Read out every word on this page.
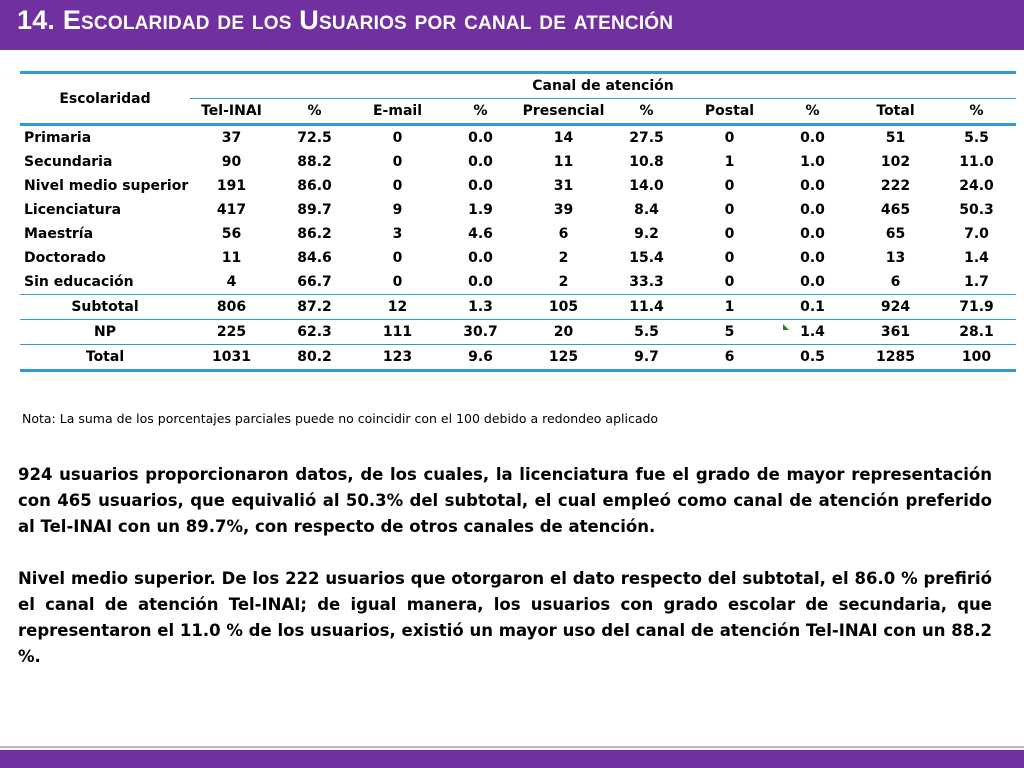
14. Escolaridad de los Usuarios por canal de atención
Escolaridad	Canal de atención									
	Tel-INAI	%	E-mail	%	Presencial	%	Postal	%	Total	%
Primaria	37	72.5	0	0.0	14	27.5	0	0.0	51	5.5
Secundaria	90	88.2	0	0.0	11	10.8	1	1.0	102	11.0
Nivel medio superior	191	86.0	0	0.0	31	14.0	0	0.0	222	24.0
Licenciatura	417	89.7	9	1.9	39	8.4	0	0.0	465	50.3
Maestría	56	86.2	3	4.6	6	9.2	0	0.0	65	7.0
Doctorado	11	84.6	0	0.0	2	15.4	0	0.0	13	1.4
Sin educación	4	66.7	0	0.0	2	33.3	0	0.0	6	1.7
Subtotal	806	87.2	12	1.3	105	11.4	1	0.1	924	71.9
NP	225	62.3	111	30.7	20	5.5	5	1.4	361	28.1
Total	1031	80.2	123	9.6	125	9.7	6	0.5	1285	100
Nota: La suma de los porcentajes parciales puede no coincidir con el 100 debido a redondeo aplicado

924 usuarios proporcionaron datos, de los cuales, la licenciatura fue el grado de mayor representación con 465 usuarios, que equivalió al 50.3% del subtotal, el cual empleó como canal de atención preferido al Tel-INAI con un 89.7%, con respecto de otros canales de atención.

Nivel medio superior. De los 222 usuarios que otorgaron el dato respecto del subtotal, el 86.0 % prefirió el canal de atención Tel-INAI; de igual manera, los usuarios con grado escolar de secundaria, que representaron el 11.0 % de los usuarios, existió un mayor uso del canal de atención Tel-INAI con un 88.2 %.
